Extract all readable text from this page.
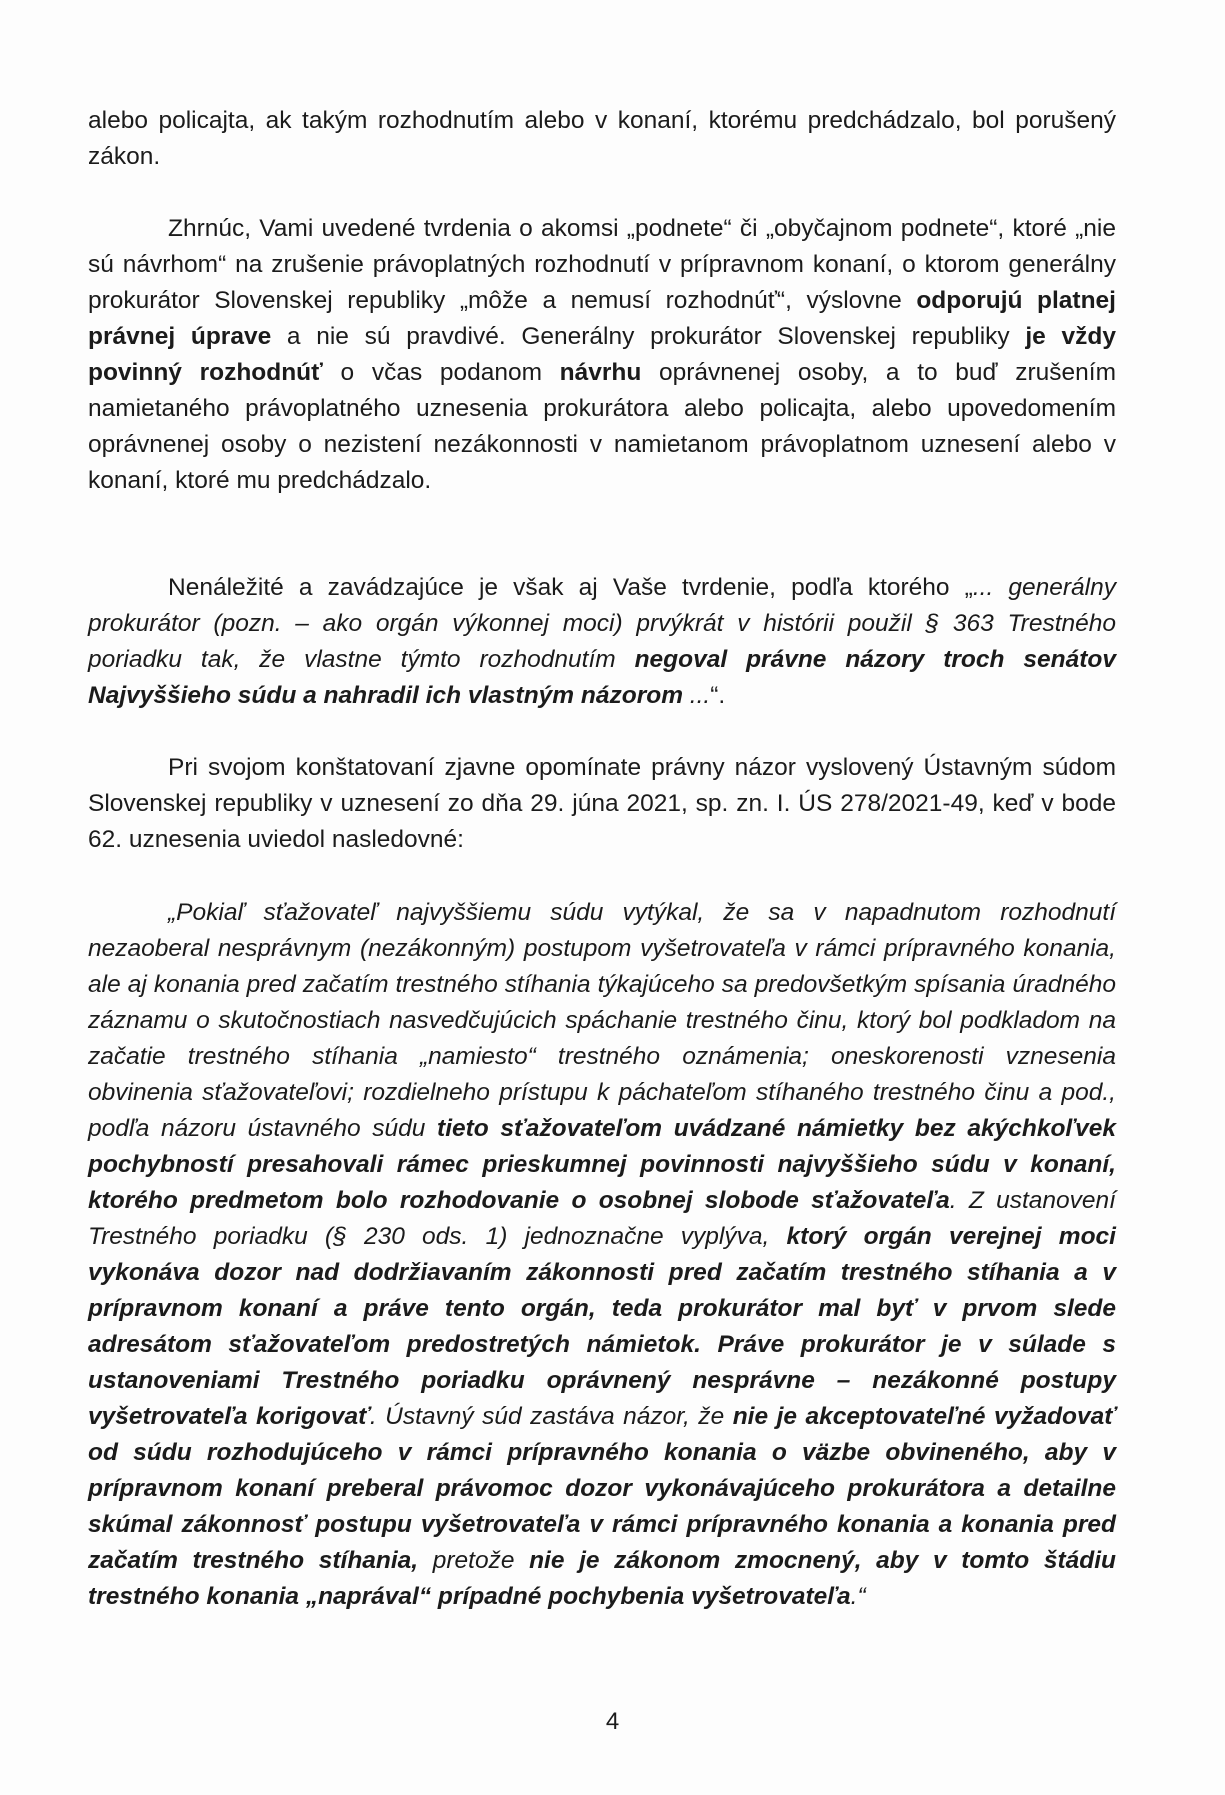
alebo policajta, ak takým rozhodnutím alebo v konaní, ktorému predchádzalo, bol porušený zákon.

Zhrnúc, Vami uvedené tvrdenia o akomsi „podnete“ či „obyčajnom podnete“, ktoré „nie sú návrhom“ na zrušenie právoplatných rozhodnutí v prípravnom konaní, o ktorom generálny prokurátor Slovenskej republiky „môže a nemusí rozhodnúť“, výslovne odporujú platnej právnej úprave a nie sú pravdivé. Generálny prokurátor Slovenskej republiky je vždy povinný rozhodnúť o včas podanom návrhu oprávnenej osoby, a to buď zrušením namietaného právoplatného uznesenia prokurátora alebo policajta, alebo upovedomením oprávnenej osoby o nezistení nezákonnosti v namietanom právoplatnom uznesení alebo v konaní, ktoré mu predchádzalo.

Nenáležité a zavádzajúce je však aj Vaše tvrdenie, podľa ktorého „... generálny prokurátor (pozn. – ako orgán výkonnej moci) prvýkrát v histórii použil § 363 Trestného poriadku tak, že vlastne týmto rozhodnutím negoval právne názory troch senátov Najvyššieho súdu a nahradil ich vlastným názorom ...“.

Pri svojom konštatovaní zjavne opomínate právny názor vyslovený Ústavným súdom Slovenskej republiky v uznesení zo dňa 29. júna 2021, sp. zn. I. ÚS 278/2021-49, keď v bode 62. uznesenia uviedol nasledovné:

„Pokiaľ sťažovateľ najvyššiemu súdu vytýkal, že sa v napadnutom rozhodnutí nezaoberal nesprávnym (nezákonným) postupom vyšetrovateľa v rámci prípravného konania, ale aj konania pred začatím trestného stíhania týkajúceho sa predovšetkým spísania úradného záznamu o skutočnostiach nasvedčujúcich spáchanie trestného činu, ktorý bol podkladom na začatie trestného stíhania „namiesto“ trestného oznámenia; oneskorenosti vznesenia obvinenia sťažovateľovi; rozdielneho prístupu k páchateľom stíhaného trestného činu a pod., podľa názoru ústavného súdu tieto sťažovateľom uvádzané námietky bez akýchkoľvek pochybností presahovali rámec prieskumnej povinnosti najvyššieho súdu v konaní, ktorého predmetom bolo rozhodovanie o osobnej slobode sťažovateľa. Z ustanovení Trestného poriadku (§ 230 ods. 1) jednoznačne vyplýva, ktorý orgán verejnej moci vykonáva dozor nad dodržiavaním zákonnosti pred začatím trestného stíhania a v prípravnom konaní a práve tento orgán, teda prokurátor mal byť v prvom slede adresátom sťažovateľom predostretých námietok. Práve prokurátor je v súlade s ustanoveniami Trestného poriadku oprávnený nesprávne – nezákonné postupy vyšetrovateľa korigovať. Ústavný súd zastáva názor, že nie je akceptovateľné vyžadovať od súdu rozhodujúceho v rámci prípravného konania o väzbe obvineného, aby v prípravnom konaní preberal právomoc dozor vykonávajúceho prokurátora a detailne skúmal zákonnosť postupu vyšetrovateľa v rámci prípravného konania a konania pred začatím trestného stíhania, pretože nie je zákonom zmocnený, aby v tomto štádiu trestného konania „naprával“ prípadné pochybenia vyšetrovateľa.“

4
